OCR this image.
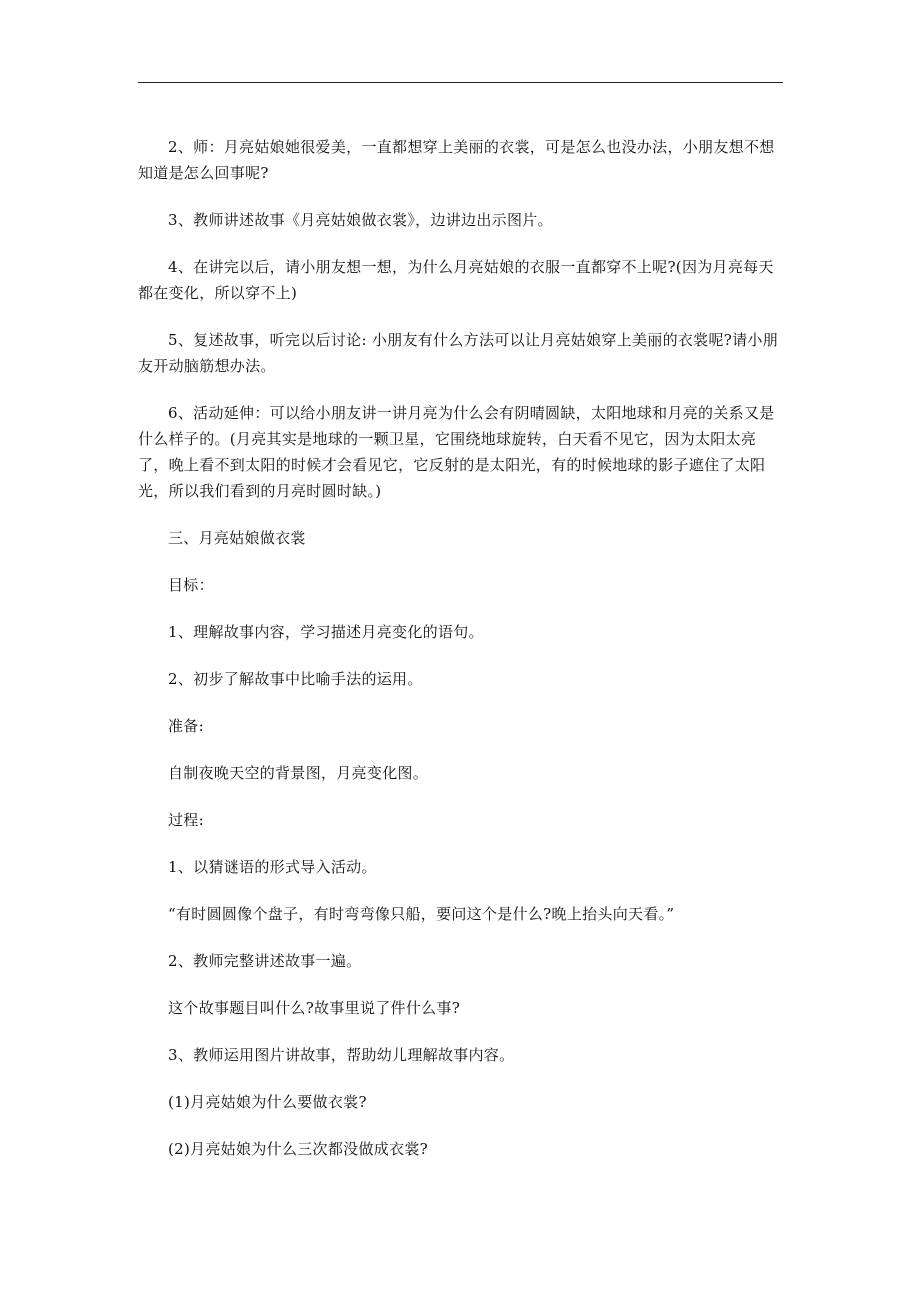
2、师：月亮姑娘她很爱美，一直都想穿上美丽的衣裳，可是怎么也没办法，小朋友想不想知道是怎么回事呢?

3、教师讲述故事《月亮姑娘做衣裳》，边讲边出示图片。

4、在讲完以后，请小朋友想一想，为什么月亮姑娘的衣服一直都穿不上呢?(因为月亮每天都在变化，所以穿不上)

5、复述故事，听完以后讨论: 小朋友有什么方法可以让月亮姑娘穿上美丽的衣裳呢?请小朋友开动脑筋想办法。

6、活动延伸：可以给小朋友讲一讲月亮为什么会有阴晴圆缺，太阳地球和月亮的关系又是什么样子的。(月亮其实是地球的一颗卫星，它围绕地球旋转，白天看不见它，因为太阳太亮了，晚上看不到太阳的时候才会看见它，它反射的是太阳光，有的时候地球的影子遮住了太阳光，所以我们看到的月亮时圆时缺。)

三、月亮姑娘做衣裳

目标：

1、理解故事内容，学习描述月亮变化的语句。

2、初步了解故事中比喻手法的运用。

准备:

自制夜晚天空的背景图，月亮变化图。

过程:

1、以猜谜语的形式导入活动。

“有时圆圆像个盘子，有时弯弯像只船，要问这个是什么?晚上抬头向天看。”

2、教师完整讲述故事一遍。

这个故事题目叫什么?故事里说了件什么事?

3、教师运用图片讲故事，帮助幼儿理解故事内容。

(1)月亮姑娘为什么要做衣裳?

(2)月亮姑娘为什么三次都没做成衣裳?
